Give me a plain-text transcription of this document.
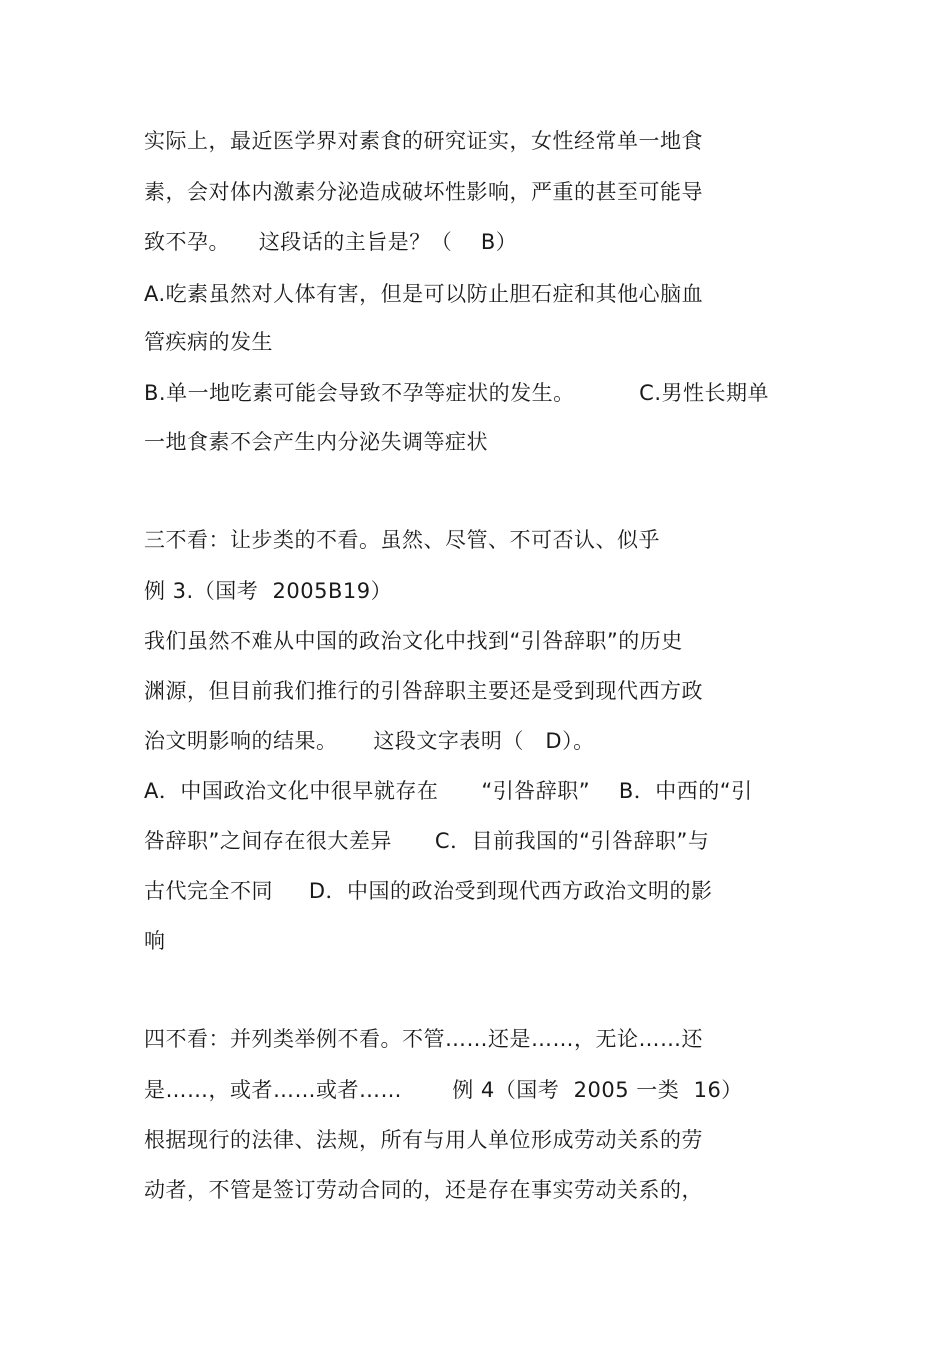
实际上，最近医学界对素食的研究证实，女性经常单一地食
素，会对体内激素分泌造成破坏性影响，严重的甚至可能导
致不孕。    这段话的主旨是？（    B）
A.吃素虽然对人体有害，但是可以防止胆石症和其他心脑血
管疾病的发生
B.单一地吃素可能会导致不孕等症状的发生。         C.男性长期单
一地食素不会产生内分泌失调等症状
三不看：让步类的不看。虽然、尽管、不可否认、似乎
例 3.（国考  2005B19）
我们虽然不难从中国的政治文化中找到“引咎辞职”的历史
渊源，但目前我们推行的引咎辞职主要还是受到现代西方政
治文明影响的结果。     这段文字表明（   D）。
A．中国政治文化中很早就存在      “引咎辞职”    B．中西的“引
咎辞职”之间存在很大差异      C．目前我国的“引咎辞职”与
古代完全不同     D．中国的政治受到现代西方政治文明的影
响
四不看：并列类举例不看。不管……还是……，无论……还
是……，或者……或者……       例 4（国考  2005 一类  16）
根据现行的法律、法规，所有与用人单位形成劳动关系的劳
动者，不管是签订劳动合同的，还是存在事实劳动关系的，
